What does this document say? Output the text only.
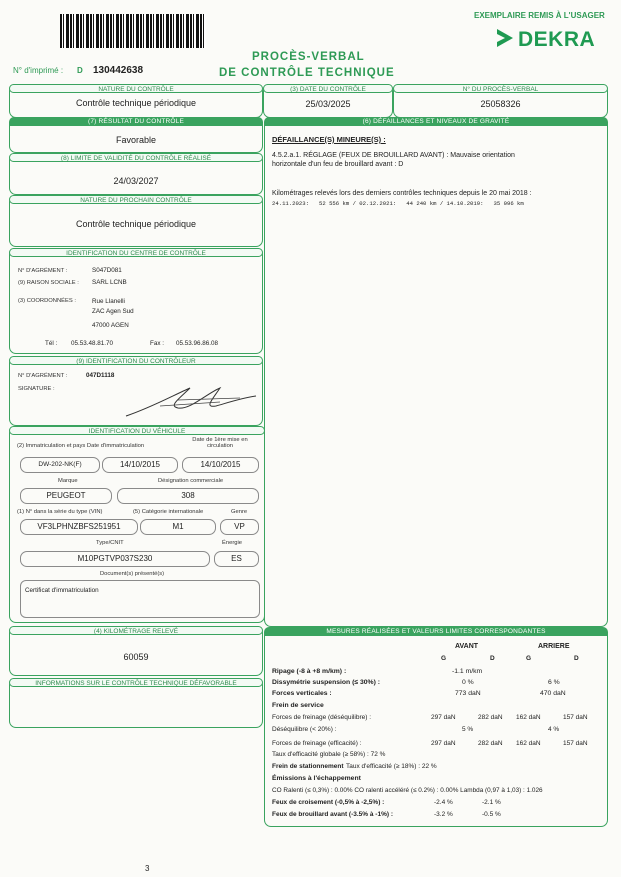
EXEMPLAIRE REMIS À L'USAGER
DEKRA
PROCÈS-VERBAL
DE CONTRÔLE TECHNIQUE
N° d'imprimé : D 130442638
NATURE DU CONTRÔLE
Contrôle technique périodique
(3) DATE DU CONTRÔLE
25/03/2025
N° DU PROCÈS-VERBAL
25058326
(7) RÉSULTAT DU CONTRÔLE
Favorable
(8) LIMITE DE VALIDITÉ DU CONTRÔLE RÉALISÉ
24/03/2027
NATURE DU PROCHAIN CONTRÔLE
Contrôle technique périodique
IDENTIFICATION DU CENTRE DE CONTRÔLE
N° D'AGRÉMENT :	S047D081
(9) RAISON SOCIALE : SARL LCNB
(3) COORDONNÉES :	Rue Llanelli
ZAC Agen Sud
47000 AGEN
Tél : 05.53.48.81.70	Fax : 05.53.96.86.08
(9) IDENTIFICATION DU CONTRÔLEUR
N° D'AGRÉMENT :	047D1118
SIGNATURE :
IDENTIFICATION DU VÉHICULE
(2) Immatriculation et pays Date d'immatriculation
Date de 1ère mise en circulation
DW-202-NK(F)	14/10/2015	14/10/2015
Marque	Désignation commerciale
PEUGEOT	308
(1) N° dans la série du type (VIN)	(5) Catégorie internationale	Genre
VF3LPHNZBFS251951	M1	VP
Type/CNIT	Énergie
M10PGTVP037S230	ES
Document(s) présenté(s)
Certificat d'immatriculation
(4) KILOMÉTRAGE RELEVÉ
60059
INFORMATIONS SUR LE CONTRÔLE TECHNIQUE DÉFAVORABLE
(6) DÉFAILLANCES ET NIVEAUX DE GRAVITÉ
DÉFAILLANCE(S) MINEURE(S) :
4.5.2.a.1. RÉGLAGE (FEUX DE BROUILLARD AVANT) : Mauvaise orientation
horizontale d'un feu de brouillard avant : D
Kilométrages relevés lors des derniers contrôles techniques depuis le 20 mai 2018 :
24.11.2023:   52 556 km / 02.12.2021:   44 240 km / 14.10.2019:   35 096 km
MESURES RÉALISÉES ET VALEURS LIMITES CORRESPONDANTES
AVANT	ARRIERE
G	D	G	D
Ripage (-8 à +8 m/km) :	-1.1 m/km
Dissymétrie suspension (≤ 30%) :	0 %	6 %
Forces verticales :	773 daN	470 daN
Frein de service
Forces de freinage (déséquilibre) :	297 daN	282 daN 162 daN	157 daN
Déséquilibre (< 20%) :	5 %	4 %
Forces de freinage (efficacité) :	297 daN	282 daN 162 daN	157 daN
Taux d'efficacité globale (≥ 58%) : 72 %
Frein de stationnement Taux d'efficacité (≥ 18%) : 22 %
Émissions à l'échappement
CO Ralenti (≤ 0,3%) : 0.00% CO ralenti accéléré (≤ 0.2%) : 0.00% Lambda (0,97 à 1,03) : 1.026
Feux de croisement (-0,5% à -2,5%) :	-2.4 %	-2.1 %
Feux de brouillard avant (-3.5% à -1%) :	-3.2 %	-0.5 %
3
